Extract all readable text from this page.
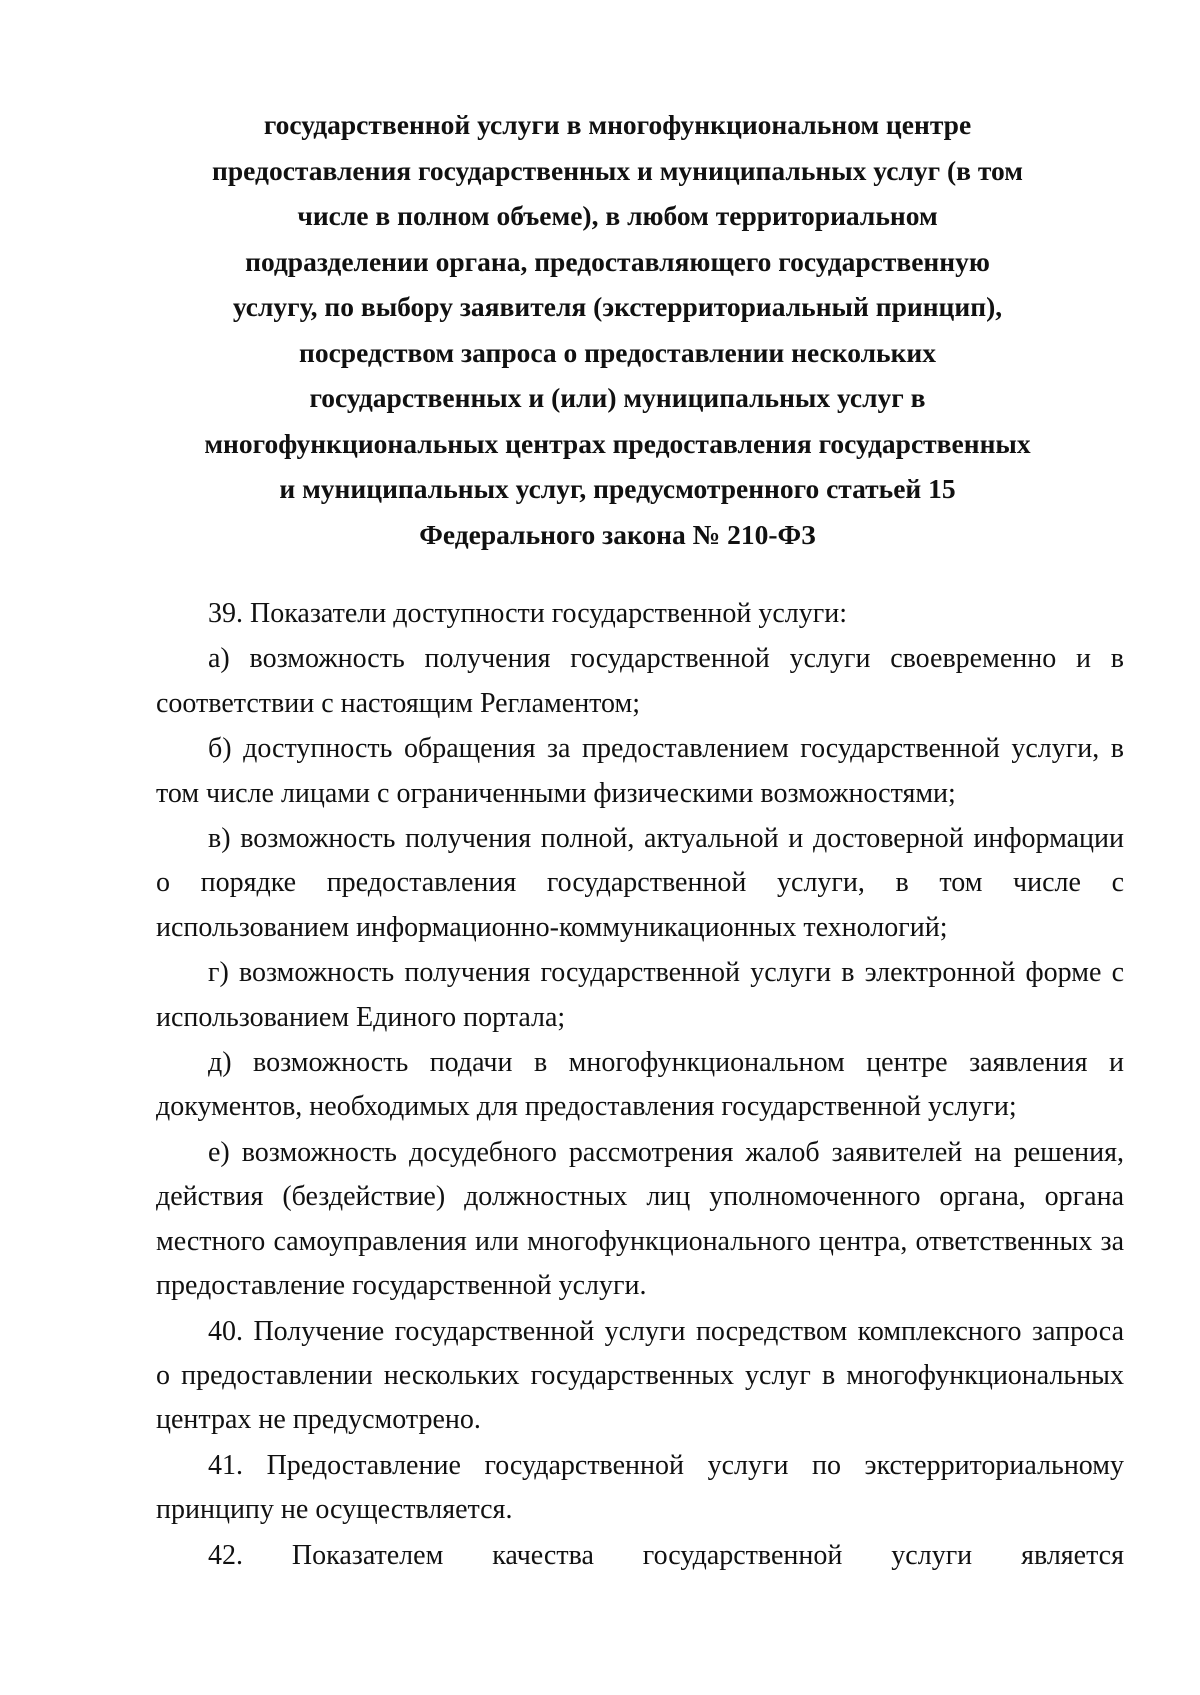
государственной услуги в многофункциональном центре
предоставления государственных и муниципальных услуг (в том
числе в полном объеме), в любом территориальном
подразделении органа, предоставляющего государственную
услугу, по выбору заявителя (экстерриториальный принцип),
посредством запроса о предоставлении нескольких
государственных и (или) муниципальных услуг в
многофункциональных центрах предоставления государственных
и муниципальных услуг, предусмотренного статьей 15
Федерального закона № 210-ФЗ

39. Показатели доступности государственной услуги:

а) возможность получения государственной услуги своевременно и в соответствии с настоящим Регламентом;

б) доступность обращения за предоставлением государственной услуги, в том числе лицами с ограниченными физическими возможностями;

в) возможность получения полной, актуальной и достоверной информации о порядке предоставления государственной услуги, в том числе с использованием информационно-коммуникационных технологий;

г) возможность получения государственной услуги в электронной форме с использованием Единого портала;

д) возможность подачи в многофункциональном центре заявления и документов, необходимых для предоставления государственной услуги;

е) возможность досудебного рассмотрения жалоб заявителей на решения, действия (бездействие) должностных лиц уполномоченного органа, органа местного самоуправления или многофункционального центра, ответственных за предоставление государственной услуги.

40. Получение государственной услуги посредством комплексного запроса о предоставлении нескольких государственных услуг в многофункциональных центрах не предусмотрено.

41. Предоставление государственной услуги по экстерриториальному принципу не осуществляется.

42. Показателем качества государственной услуги является
